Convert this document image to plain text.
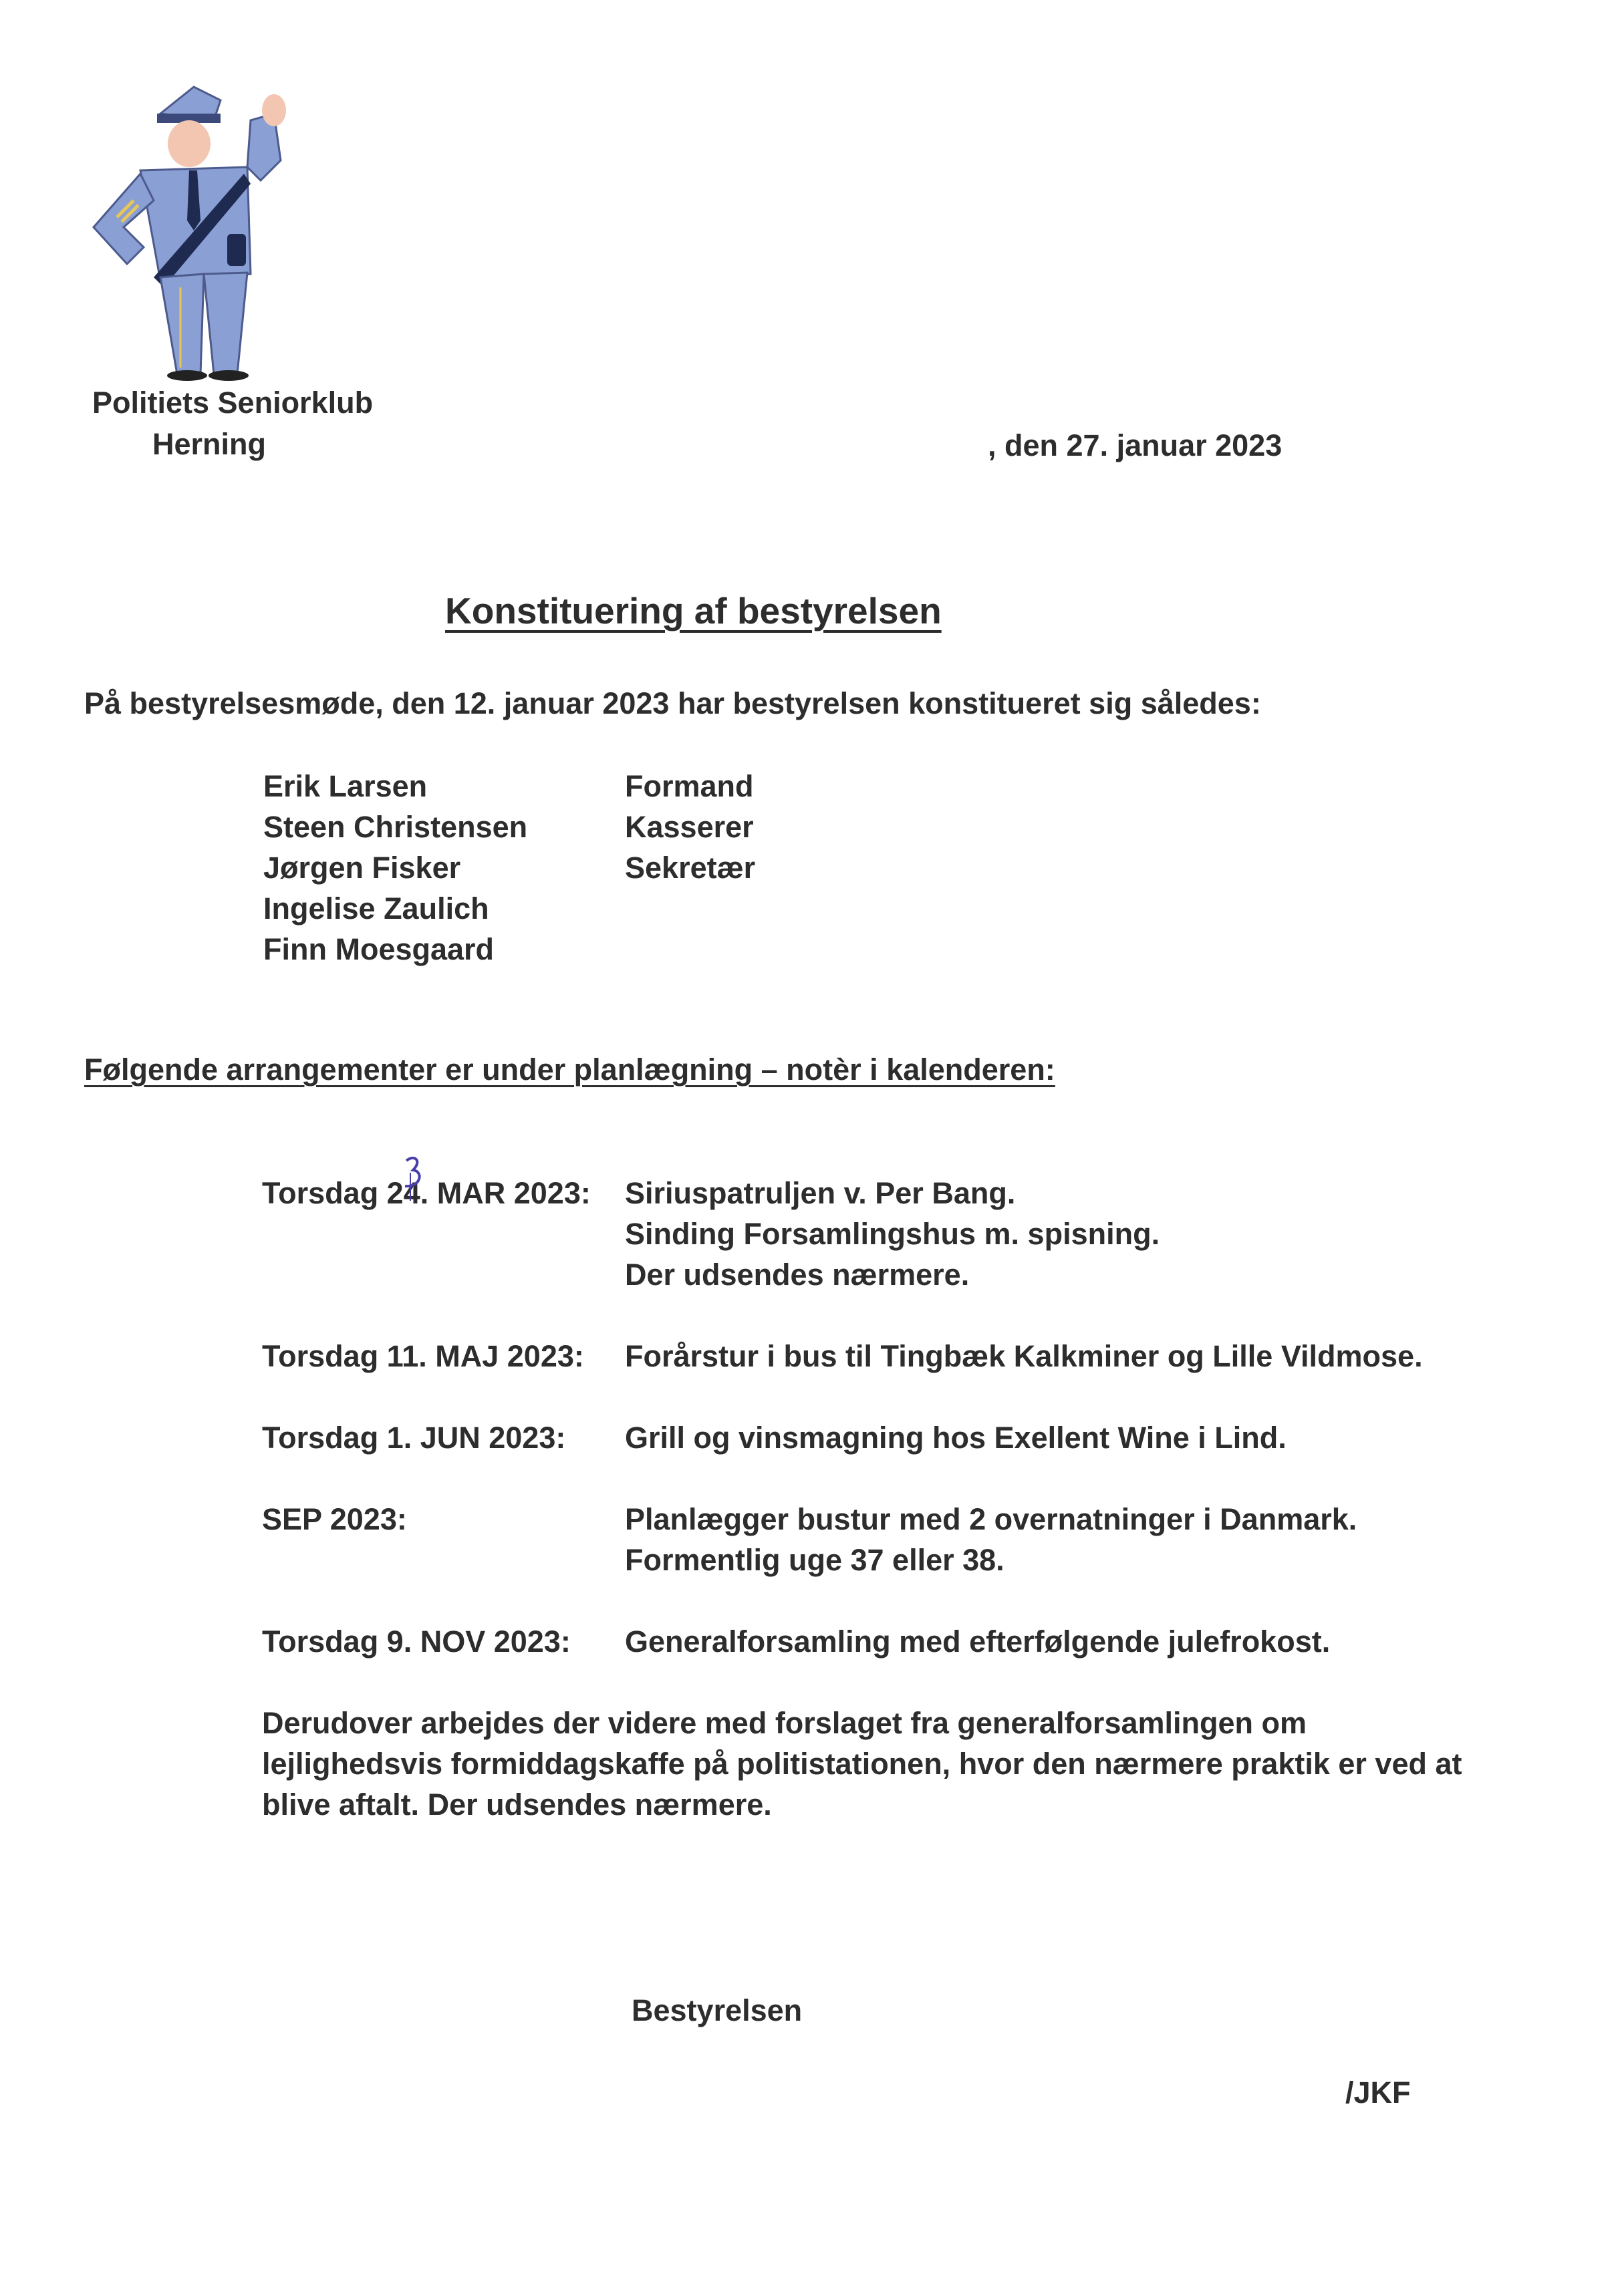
Politiets Seniorklub
Herning	, den 27. januar 2023
Konstituering af bestyrelsen
På bestyrelsesmøde, den 12. januar 2023 har bestyrelsen konstitueret sig således:
Erik Larsen
Steen Christensen
Jørgen Fisker
Ingelise Zaulich
Finn Moesgaard
Formand
Kasserer
Sekretær
Følgende arrangementer er under planlægning – notèr i kalenderen:
Torsdag 24
. MAR 2023: Siriuspatruljen v. Per Bang.
Sinding Forsamlingshus m. spisning.
Der udsendes nærmere.
Torsdag 11. MAJ 2023: Forårstur i bus til Tingbæk Kalkminer og Lille Vildmose.
Torsdag 1. JUN 2023: Grill og vinsmagning hos Exellent Wine i Lind.
SEP 2023:	Planlægger bustur med 2 overnatninger i Danmark.
Formentlig uge 37 eller 38.
Torsdag 9. NOV 2023: Generalforsamling med efterfølgende julefrokost.
Derudover arbejdes der videre med forslaget fra generalforsamlingen om lejlighedsvis formiddagskaffe på politistationen, hvor den nærmere praktik er ved at blive aftalt. Der udsendes nærmere.
Bestyrelsen
/JKF
